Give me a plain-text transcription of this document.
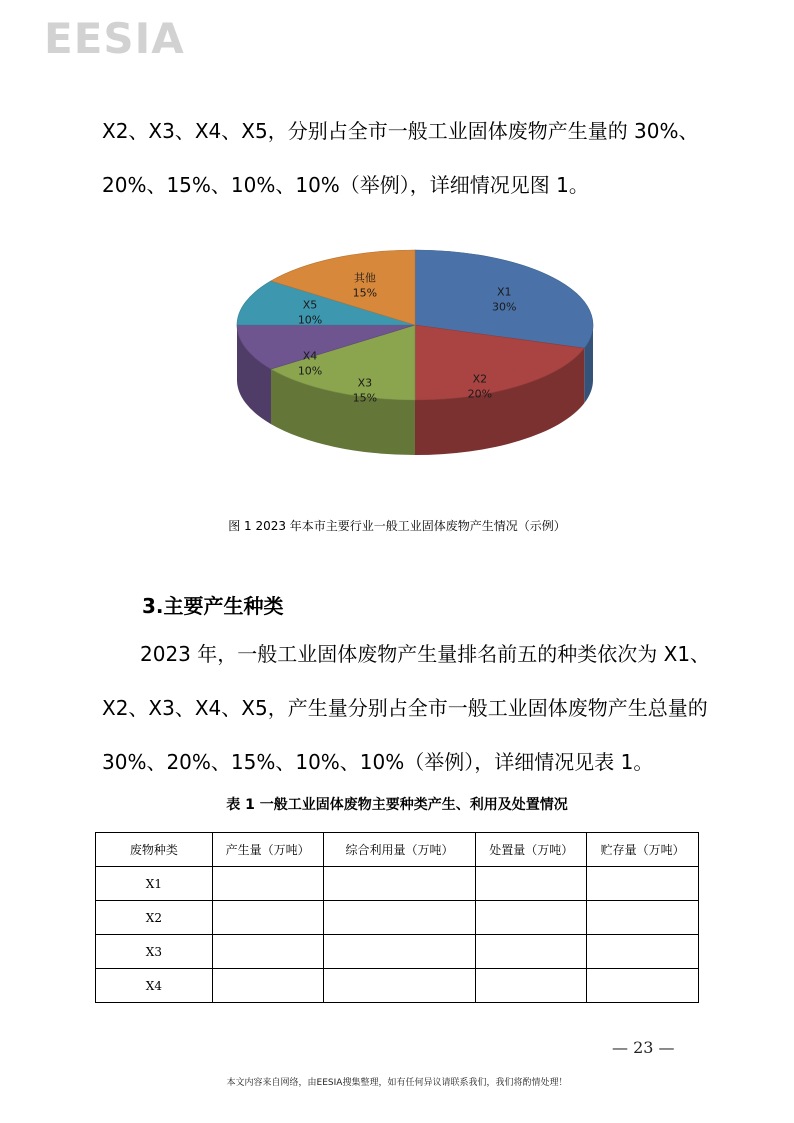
EESIA
X2、X3、X4、X5，分别占全市一般工业固体废物产生量的 30%、
20%、15%、10%、10%（举例），详细情况见图 1。
X1
30%
X2
20%
X3
15%
X4
10%
X5
10%
其他
15%
图 1 2023 年本市主要行业一般工业固体废物产生情况（示例）
3.主要产生种类
2023 年，一般工业固体废物产生量排名前五的种类依次为 X1、
X2、X3、X4、X5，产生量分别占全市一般工业固体废物产生总量的
30%、20%、15%、10%、10%（举例），详细情况见表 1。
表 1 一般工业固体废物主要种类产生、利用及处置情况
废物种类	产生量（万吨）	综合利用量（万吨）	处置量（万吨）	贮存量（万吨）
X1				
X2				
X3				
X4				
— 23 —
本文内容来自网络，由EESIA搜集整理，如有任何异议请联系我们，我们将酌情处理！
